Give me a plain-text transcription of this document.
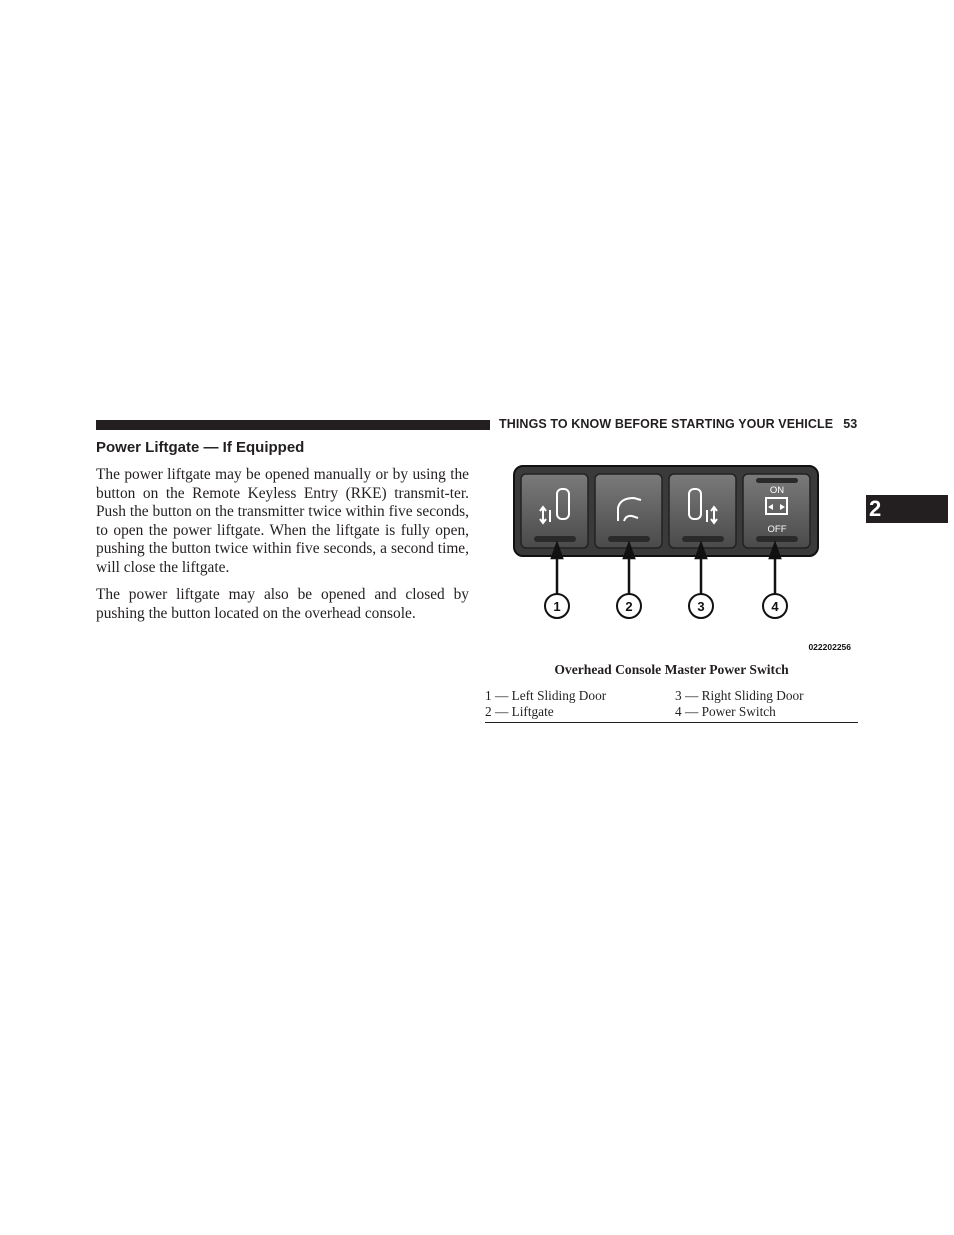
THINGS TO KNOW BEFORE STARTING YOUR VEHICLE 53
2
Power Liftgate — If Equipped

The power liftgate may be opened manually or by using the button on the Remote Keyless Entry (RKE) transmit-ter. Push the button on the transmitter twice within five seconds, to open the power liftgate. When the liftgate is fully open, pushing the button twice within five seconds, a second time, will close the liftgate.

The power liftgate may also be opened and closed by pushing the button located on the overhead console.

ON
OFF
1	2	3	4
022202256
Overhead Console Master Power Switch
1 — Left Sliding Door	3 — Right Sliding Door
2 — Liftgate	4 — Power Switch
